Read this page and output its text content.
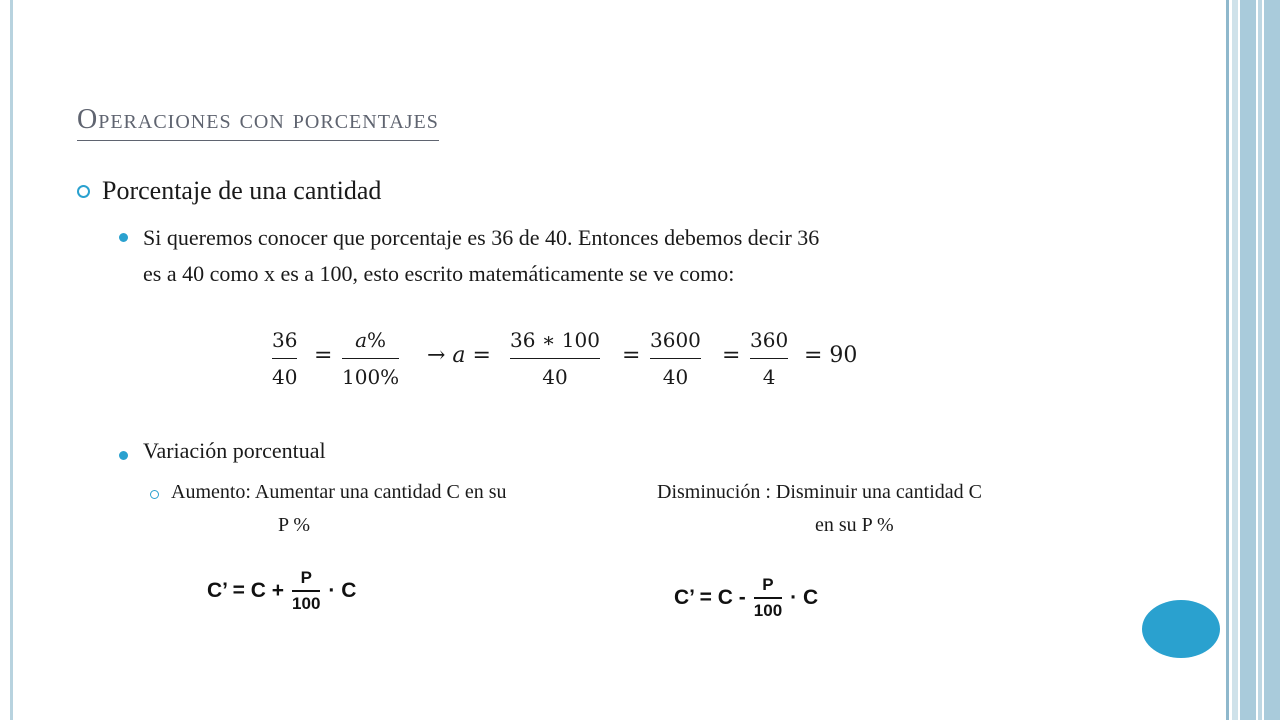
Operaciones con porcentajes
Porcentaje de una cantidad
Si queremos conocer que porcentaje es 36 de 40. Entonces debemos decir 36
es a 40 como x es a 100, esto escrito matemáticamente se ve como:
36
40
=
𝑎%
100%
→ 𝑎 =
36 ∗ 100
40
=
3600
40
=
360
4
= 90
Variación porcentual
Aumento: Aumentar una cantidad C en su
P %
Disminución : Disminuir una cantidad C
en su P %
C’ = C +
P
100
· C	C’ = C -
P
100
· C
